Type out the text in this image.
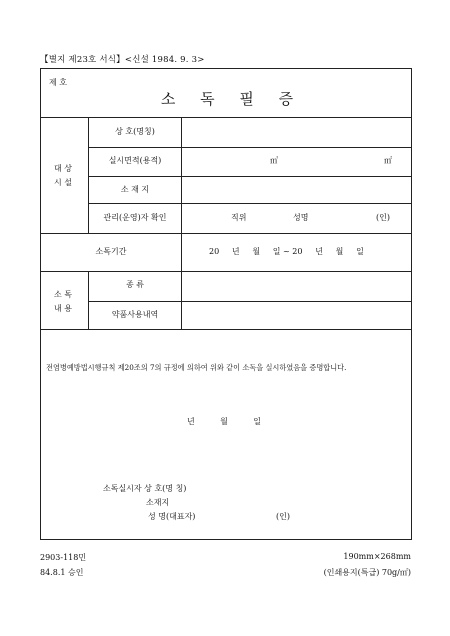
【별지 제23호 서식】<신설 1984. 9. 3>
제 호
소 독 필 증
대 상
시 설
상 호(명칭)
실시면적(용적)	㎥	㎡
소 재 지
관리(운영)자 확인	직위	성명	(인)
소독기간	20     년     월     일 ~ 20     년     월     일
소 독
내 용
종 류
약품사용내역
전염병예방법시행규칙 제20조의 7의 규정에 의하여 위와 같이 소독을 실시하였음을 증명합니다.
년          월          일
소독실시자 상 호(명 칭)
소재지
성 명(대표자)	(인)
2903-118민
84.8.1 승인
190mm×268mm
(인쇄용지(특급) 70g/㎡)
